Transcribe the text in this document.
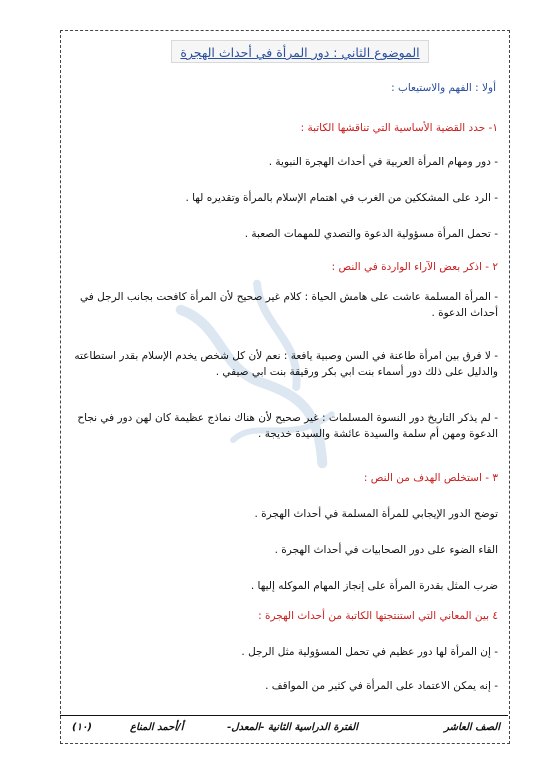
الموضوع الثاني : دور المرأة في أحداث الهجرة
أولا : الفهم والاستيعاب :
١- حدد القضية الأساسية التي تناقشها الكاتبة :
- دور ومهام المرأة العربية في أحداث الهجرة النبوية .
- الرد على المشككين من الغرب في اهتمام الإسلام بالمرأة وتقديره لها .
- تحمل المرأة مسؤولية الدعوة والتصدي للمهمات الصعبة .
٢ - اذكر بعض الآراء الواردة في النص :
- المرأة المسلمة عاشت على هامش الحياة : كلام غير صحيح لأن المرأة كافحت بجانب الرجل في أحداث الدعوة .
- لا فرق بين امرأة طاعنة في السن وصبية يافعة : نعم لأن كل شخص يخدم الإسلام بقدر استطاعته والدليل على ذلك دور أسماء بنت ابي بكر ورقيقة بنت ابي صيفي .
- لم يذكر التاريخ دور النسوة المسلمات : غير صحيح لأن هناك نماذج عظيمة كان لهن دور في نجاح الدعوة ومهن أم سلمة والسيدة عائشة والسيدة خديجة .
٣ - استخلص الهدف من النص :
توضح الدور الإيجابي للمرأة المسلمة في أحداث الهجرة .
القاء الضوء على دور الصحابيات في أحداث الهجرة .
ضرب المثل بقدرة المرأة على إنجاز المهام الموكله إليها .
٤ بين المعاني التي استنتجتها الكاتبة من أحداث الهجرة :
- إن المرأة لها دور عظيم في تحمل المسؤولية مثل الرجل .
- إنه يمكن الاعتماد على المرأة في كثير من المواقف .
الصف العاشر
الفترة الدراسية الثانية -المعدل-
أ/أحمد المناع
(١٠)
